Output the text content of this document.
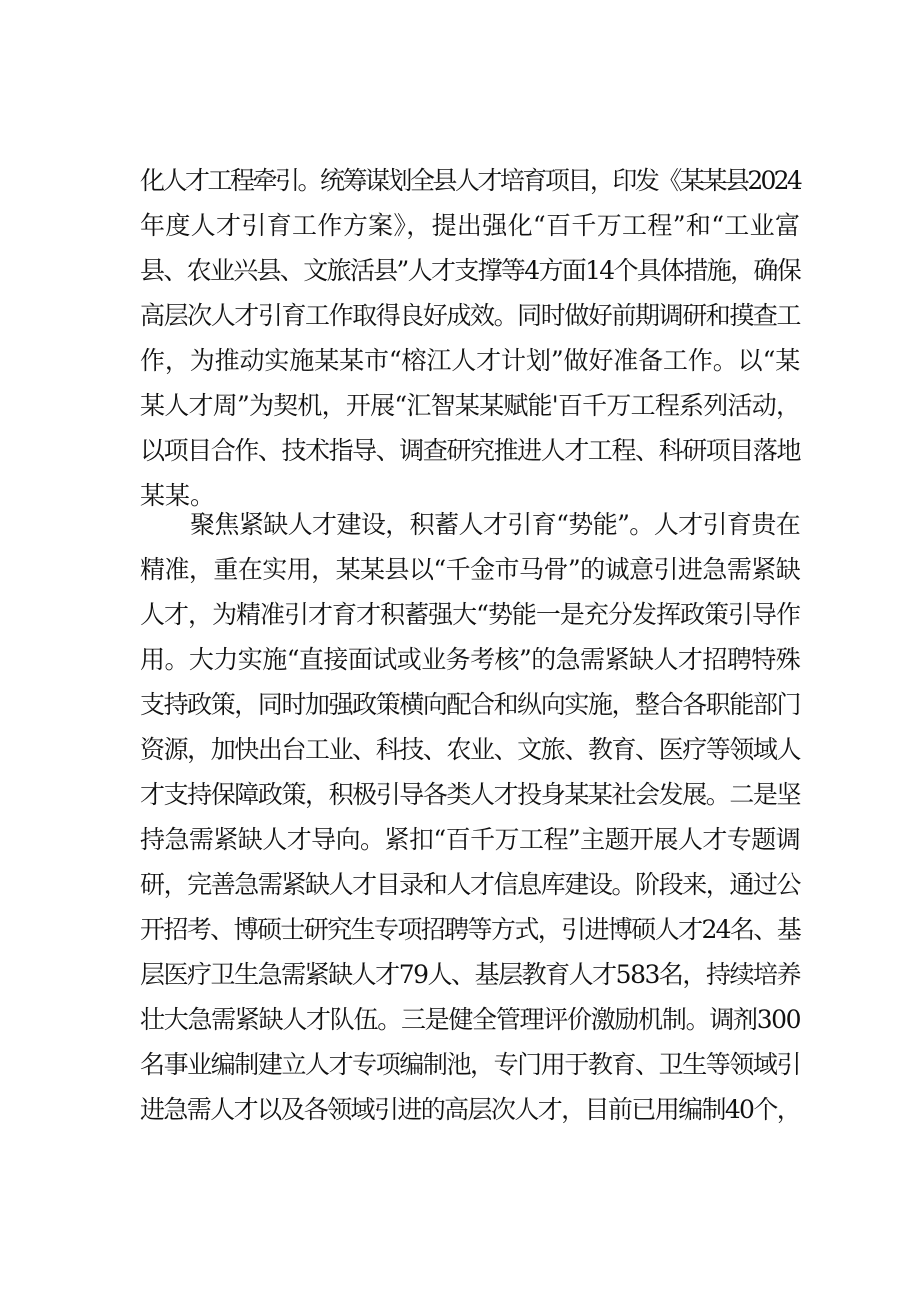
化人才工程牵引。统筹谋划全县人才培育项目，印发《某某县2024
年度人才引育工作方案》，提出强化“百千万工程”和“工业富
县、农业兴县、文旅活县”人才支撑等4方面14个具体措施，确保
高层次人才引育工作取得良好成效。同时做好前期调研和摸查工
作，为推动实施某某市“榕江人才计划”做好准备工作。以“某
某人才周”为契机，开展“汇智某某赋能'百千万工程系列活动，
以项目合作、技术指导、调查研究推进人才工程、科研项目落地
某某。
聚焦紧缺人才建设，积蓄人才引育“势能”。人才引育贵在
精准，重在实用，某某县以“千金市马骨”的诚意引进急需紧缺
人才，为精准引才育才积蓄强大“势能一是充分发挥政策引导作
用。大力实施“直接面试或业务考核”的急需紧缺人才招聘特殊
支持政策，同时加强政策横向配合和纵向实施，整合各职能部门
资源，加快出台工业、科技、农业、文旅、教育、医疗等领域人
才支持保障政策，积极引导各类人才投身某某社会发展。二是坚
持急需紧缺人才导向。紧扣“百千万工程”主题开展人才专题调
研，完善急需紧缺人才目录和人才信息库建设。阶段来，通过公
开招考、博硕士研究生专项招聘等方式，引进博硕人才24名、基
层医疗卫生急需紧缺人才79人、基层教育人才583名，持续培养
壮大急需紧缺人才队伍。三是健全管理评价激励机制。调剂300
名事业编制建立人才专项编制池，专门用于教育、卫生等领域引
进急需人才以及各领域引进的高层次人才，目前已用编制40个，
